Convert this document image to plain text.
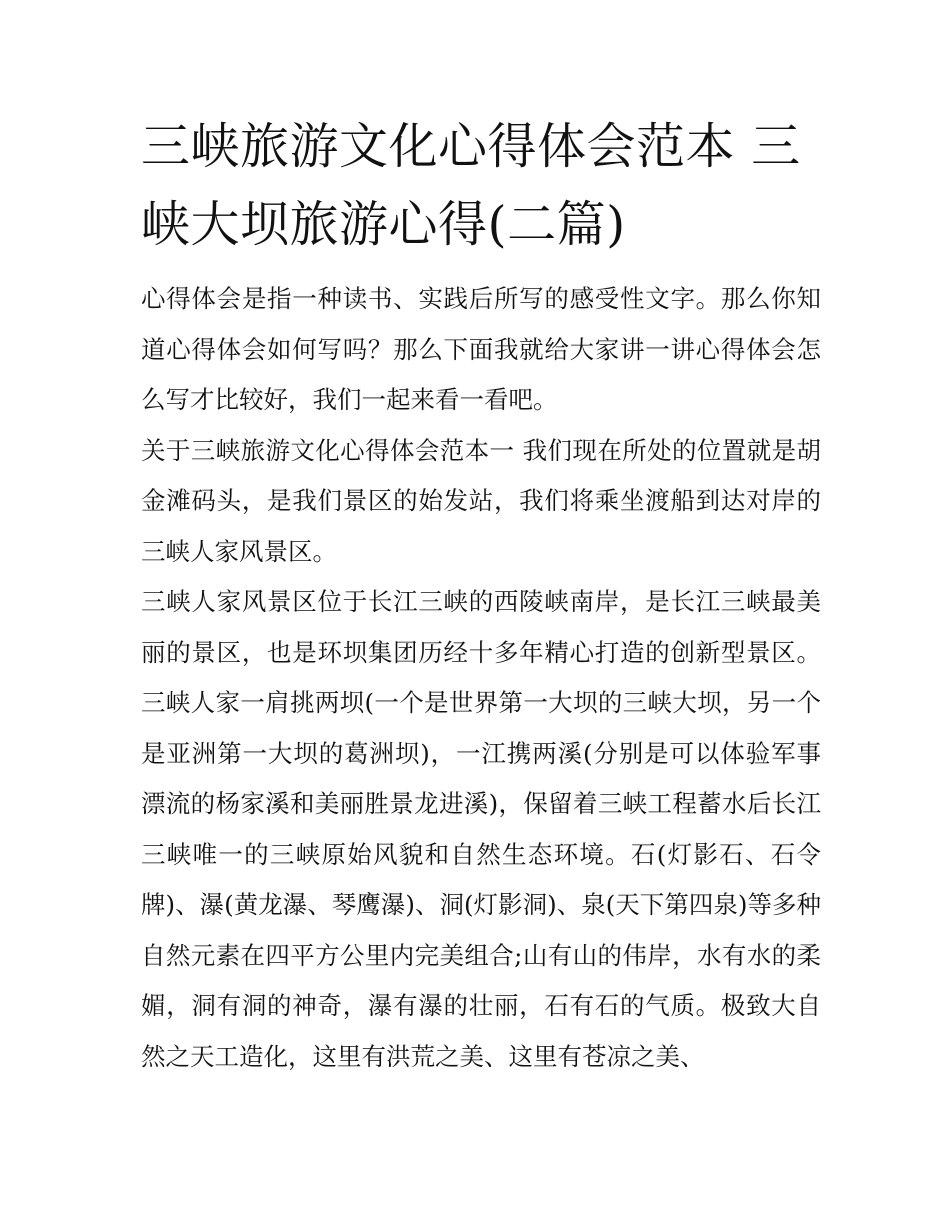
三峡旅游文化心得体会范本 三峡大坝旅游心得(二篇)

心得体会是指一种读书、实践后所写的感受性文字。那么你知道心得体会如何写吗？那么下面我就给大家讲一讲心得体会怎么写才比较好，我们一起来看一看吧。

关于三峡旅游文化心得体会范本一 我们现在所处的位置就是胡金滩码头，是我们景区的始发站，我们将乘坐渡船到达对岸的三峡人家风景区。

三峡人家风景区位于长江三峡的西陵峡南岸，是长江三峡最美丽的景区，也是环坝集团历经十多年精心打造的创新型景区。三峡人家一肩挑两坝(一个是世界第一大坝的三峡大坝，另一个是亚洲第一大坝的葛洲坝)，一江携两溪(分别是可以体验军事漂流的杨家溪和美丽胜景龙进溪)，保留着三峡工程蓄水后长江三峡唯一的三峡原始风貌和自然生态环境。石(灯影石、石令牌)、瀑(黄龙瀑、琴鹰瀑)、洞(灯影洞)、泉(天下第四泉)等多种自然元素在四平方公里内完美组合;山有山的伟岸，水有水的柔媚，洞有洞的神奇，瀑有瀑的壮丽，石有石的气质。极致大自然之天工造化，这里有洪荒之美、这里有苍凉之美、
